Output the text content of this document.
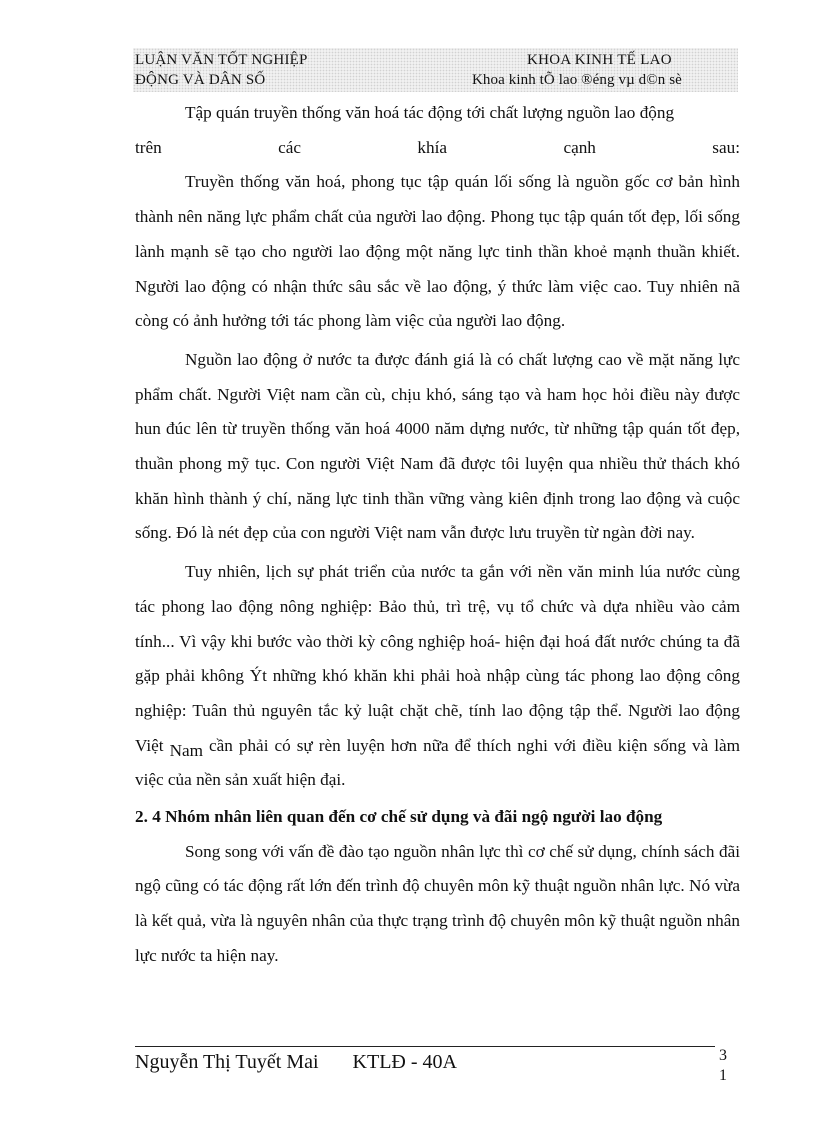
LUẬN VĂN TỐT NGHIỆP
ĐỘNG VÀ DÂN SỐ
KHOA KINH TẾ LAO
Khoa kinh tÕ lao ®éng vµ d©n sè

Tập quán truyền thống văn hoá tác động tới chất lượng nguồn lao động

trên các khía cạnh sau:

Truyền thống văn hoá, phong tục tập quán lối sống là nguồn gốc cơ bản hình thành nên năng lực phẩm chất của người lao động. Phong tục tập quán tốt đẹp, lối sống lành mạnh sẽ tạo cho người lao động một năng lực tinh thần khoẻ mạnh thuần khiết. Người lao động có nhận thức sâu sắc về lao động, ý thức làm việc cao. Tuy nhiên nã còng có ảnh hưởng tới tác phong làm việc của người lao động.

Nguồn lao động ở nước ta được đánh giá là có chất lượng cao về mặt năng lực phẩm chất. Người Việt nam cần cù, chịu khó, sáng tạo và ham học hỏi điều này được hun đúc lên từ truyền thống văn hoá 4000 năm dựng nước, từ những tập quán tốt đẹp, thuần phong mỹ tục. Con người Việt Nam đã được tôi luyện qua nhiều thử thách khó khăn hình thành ý chí, năng lực tinh thần vững vàng kiên định trong lao động và cuộc sống. Đó là nét đẹp của con người Việt nam vẫn được lưu truyền từ ngàn đời nay.

Tuy nhiên, lịch sự phát triển của nước ta gắn với nền văn minh lúa nước cùng tác phong lao động nông nghiệp: Bảo thủ, trì trệ, vụ tổ chức và dựa nhiều vào cảm tính... Vì vậy khi bước vào thời kỳ công nghiệp hoá- hiện đại hoá đất nước chúng ta đã gặp phải không Ýt những khó khăn khi phải hoà nhập cùng tác phong lao động công nghiệp: Tuân thủ nguyên tắc kỷ luật chặt chẽ, tính lao động tập thể. Người lao động Việt Nam cần phải có sự rèn luyện hơn nữa để thích nghi với điều kiện sống và làm việc của nền sản xuất hiện đại.

2. 4 Nhóm nhân liên quan đến cơ chế sử dụng và đãi ngộ người lao động

Song song với vấn đề đào tạo nguồn nhân lực thì cơ chế sử dụng, chính sách đãi ngộ cũng có tác động rất lớn đến trình độ chuyên môn kỹ thuật nguồn nhân lực. Nó vừa là kết quả, vừa là nguyên nhân của thực trạng trình độ chuyên môn kỹ thuật nguồn nhân lực nước ta hiện nay.

Nguyễn Thị Tuyết Mai KTLĐ - 40A	3
1
